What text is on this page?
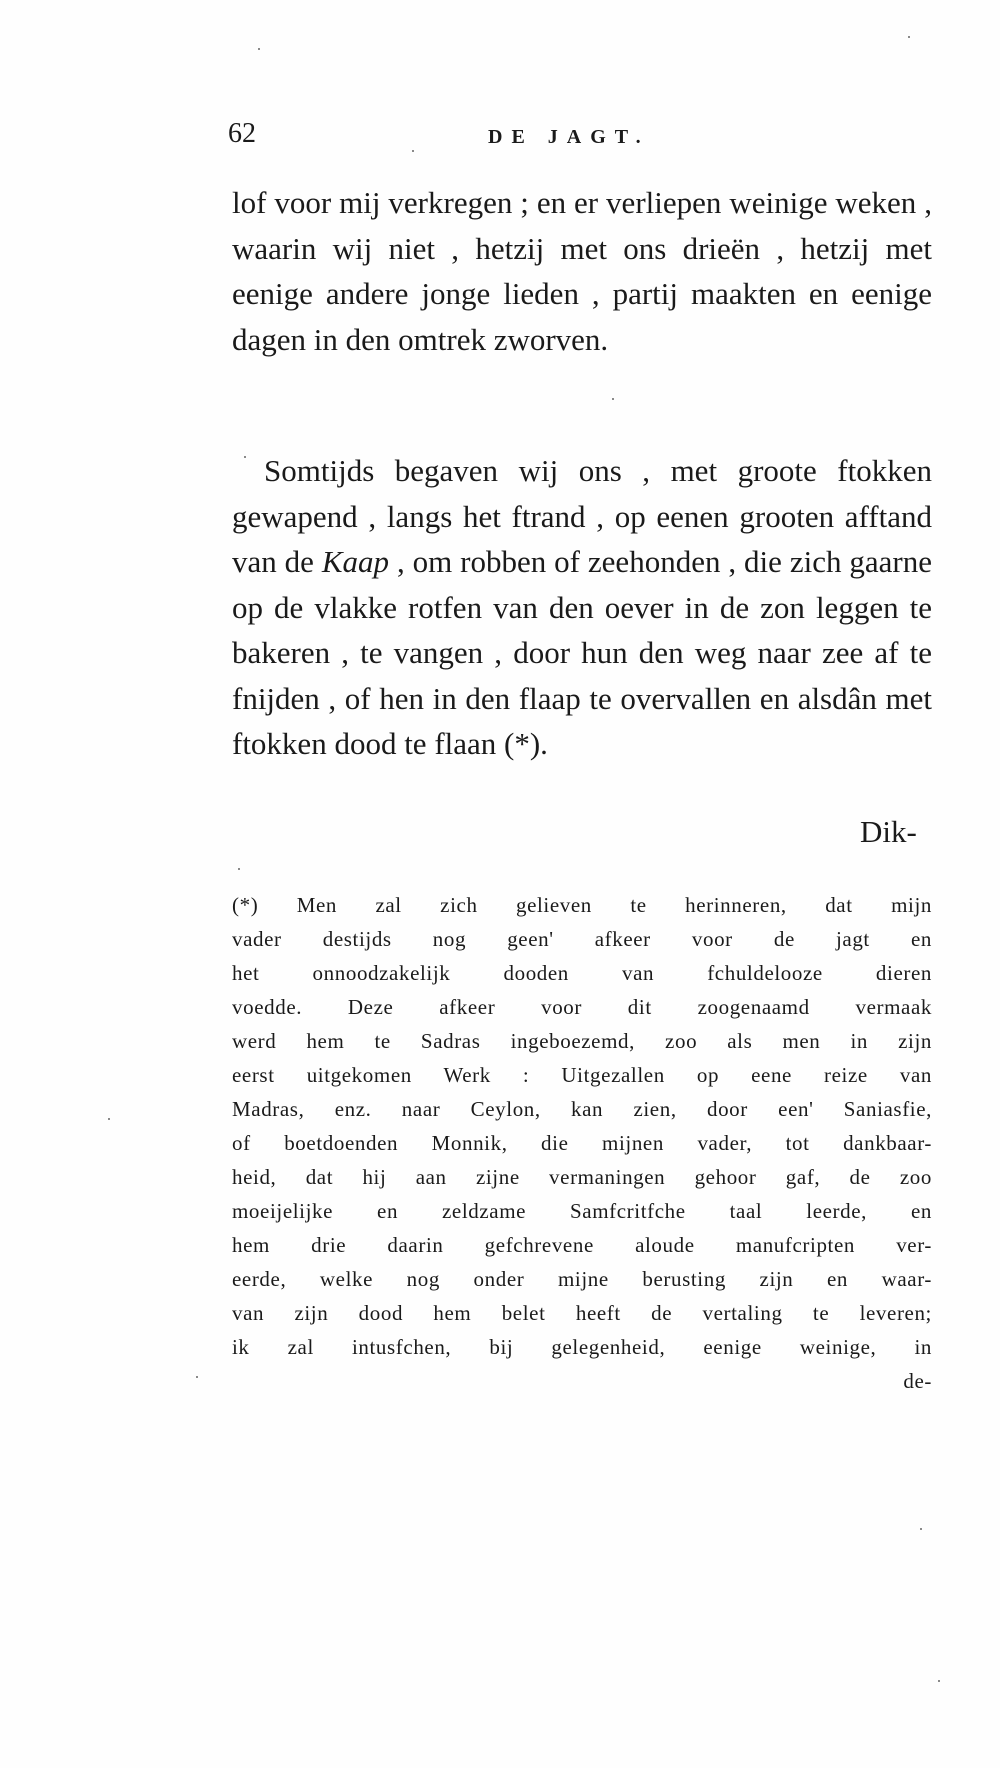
62	DE JAGT.

lof voor mij verkregen ; en er verliepen weinige weken , waarin wij niet , hetzij met ons drieën , hetzij met eenige andere jonge lieden , partij maakten en eenige dagen in den omtrek zworven.

Somtijds begaven wij ons , met groote ftokken gewapend , langs het ftrand , op eenen grooten afftand van de Kaap , om robben of zeehonden , die zich gaarne op de vlakke rotfen van den oever in de zon leggen te bakeren , te vangen , door hun den weg naar zee af te fnijden , of hen in den flaap te overvallen en alsdân met ftokken dood te flaan (*).

Dik-
(*) Men zal zich gelieven te herinneren, dat mijn
vader destijds nog geen' afkeer voor de jagt en
het onnoodzakelijk dooden van fchuldelooze dieren
voedde. Deze afkeer voor dit zoogenaamd vermaak
werd hem te Sadras ingeboezemd, zoo als men in zijn
eerst uitgekomen Werk : Uitgezallen op eene reize van
Madras, enz. naar Ceylon, kan zien, door een' Saniasfie,
of boetdoenden Monnik, die mijnen vader, tot dankbaar-
heid, dat hij aan zijne vermaningen gehoor gaf, de zoo
moeijelijke en zeldzame Samfcritfche taal leerde, en
hem drie daarin gefchrevene aloude manufcripten ver-
eerde, welke nog onder mijne berusting zijn en waar-
van zijn dood hem belet heeft de vertaling te leveren;
ik zal intusfchen, bij gelegenheid, eenige weinige, in
de-
